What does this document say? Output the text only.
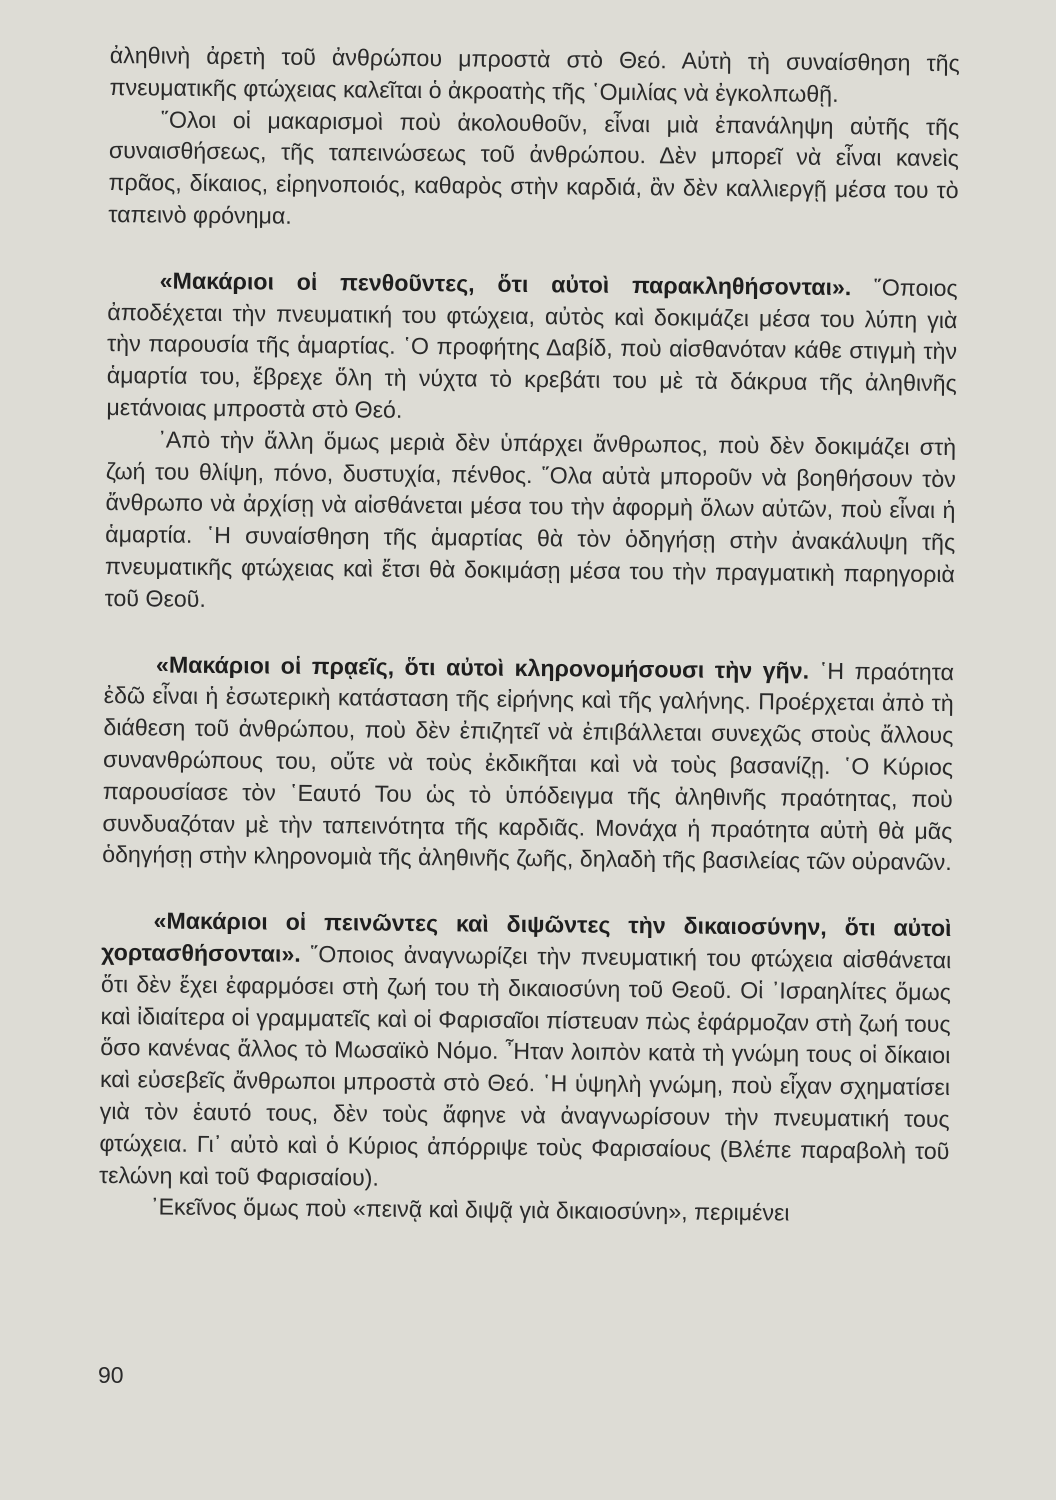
ἀληθινὴ ἀρετὴ τοῦ ἀνθρώπου μπροστὰ στὸ Θεό. Αὐτὴ τὴ συναίσθηση τῆς πνευματικῆς φτώχειας καλεῖται ὁ ἀκροατὴς τῆς ῾Ομιλίας νὰ ἐγκολπωθῇ.

῞Ολοι οἱ μακαρισμοὶ ποὺ ἀκολουθοῦν, εἶναι μιὰ ἐπανάληψη αὐτῆς τῆς συναισθήσεως, τῆς ταπεινώσεως τοῦ ἀνθρώπου. Δὲν μπορεῖ νὰ εἶναι κανεὶς πρᾶος, δίκαιος, εἰρηνοποιός, καθαρὸς στὴν καρδιά, ἂν δὲν καλλιεργῇ μέσα του τὸ ταπεινὸ φρόνημα.

«Μακάριοι οἱ πενθοῦντες, ὅτι αὐτοὶ παρακληθήσονται». ῞Οποιος ἀποδέχεται τὴν πνευματική του φτώχεια, αὐτὸς καὶ δοκιμάζει μέσα του λύπη γιὰ τὴν παρουσία τῆς ἁμαρτίας. ῾Ο προφήτης Δαβίδ, ποὺ αἰσθανόταν κάθε στιγμὴ τὴν ἁμαρτία του, ἔβρεχε ὅλη τὴ νύχτα τὸ κρεβάτι του μὲ τὰ δάκρυα τῆς ἀληθινῆς μετάνοιας μπροστὰ στὸ Θεό.

᾿Απὸ τὴν ἄλλη ὅμως μεριὰ δὲν ὑπάρχει ἄνθρωπος, ποὺ δὲν δοκιμάζει στὴ ζωή του θλίψη, πόνο, δυστυχία, πένθος. ῞Ολα αὐτὰ μποροῦν νὰ βοηθήσουν τὸν ἄνθρωπο νὰ ἀρχίσῃ νὰ αἰσθάνεται μέσα του τὴν ἀφορμὴ ὅλων αὐτῶν, ποὺ εἶναι ἡ ἁμαρτία. ῾Η συναίσθηση τῆς ἁμαρτίας θὰ τὸν ὁδηγήσῃ στὴν ἀνακάλυψη τῆς πνευματικῆς φτώχειας καὶ ἔτσι θὰ δοκιμάσῃ μέσα του τὴν πραγματικὴ παρηγοριὰ τοῦ Θεοῦ.

«Μακάριοι οἱ πρᾳεῖς, ὅτι αὐτοὶ κληρονομήσουσι τὴν γῆν. ῾Η πραότητα ἐδῶ εἶναι ἡ ἐσωτερικὴ κατάσταση τῆς εἰρήνης καὶ τῆς γαλήνης. Προέρχεται ἀπὸ τὴ διάθεση τοῦ ἀνθρώπου, ποὺ δὲν ἐπιζητεῖ νὰ ἐπιβάλλεται συνεχῶς στοὺς ἄλλους συνανθρώπους του, οὔτε νὰ τοὺς ἐκδικῆται καὶ νὰ τοὺς βασανίζῃ. ῾Ο Κύριος παρουσίασε τὸν ῾Εαυτό Του ὡς τὸ ὑπόδειγμα τῆς ἀληθινῆς πραότητας, ποὺ συνδυαζόταν μὲ τὴν ταπεινότητα τῆς καρδιᾶς. Μονάχα ἡ πραότητα αὐτὴ θὰ μᾶς ὁδηγήσῃ στὴν κληρονομιὰ τῆς ἀληθινῆς ζωῆς, δηλαδὴ τῆς βασιλείας τῶν οὐρανῶν.

«Μακάριοι οἱ πεινῶντες καὶ διψῶντες τὴν δικαιοσύνην, ὅτι αὐτοὶ χορτασθήσονται». ῞Οποιος ἀναγνωρίζει τὴν πνευματική του φτώχεια αἰσθάνεται ὅτι δὲν ἔχει ἐφαρμόσει στὴ ζωή του τὴ δικαιοσύνη τοῦ Θεοῦ. Οἱ ᾿Ισραηλίτες ὅμως καὶ ἰδιαίτερα οἱ γραμματεῖς καὶ οἱ Φαρισαῖοι πίστευαν πὼς ἐφάρμοζαν στὴ ζωή τους ὅσο κανένας ἄλλος τὸ Μωσαϊκὸ Νόμο. ῏Ηταν λοιπὸν κατὰ τὴ γνώμη τους οἱ δίκαιοι καὶ εὐσεβεῖς ἄνθρωποι μπροστὰ στὸ Θεό. ῾Η ὑψηλὴ γνώμη, ποὺ εἶχαν σχηματίσει γιὰ τὸν ἑαυτό τους, δὲν τοὺς ἄφηνε νὰ ἀναγνωρίσουν τὴν πνευματική τους φτώχεια. Γι᾿ αὐτὸ καὶ ὁ Κύριος ἀπόρριψε τοὺς Φαρισαίους (Βλέπε παραβολὴ τοῦ τελώνη καὶ τοῦ Φαρισαίου).

᾿Εκεῖνος ὅμως ποὺ «πεινᾷ καὶ διψᾷ γιὰ δικαιοσύνη», περιμένει

90
